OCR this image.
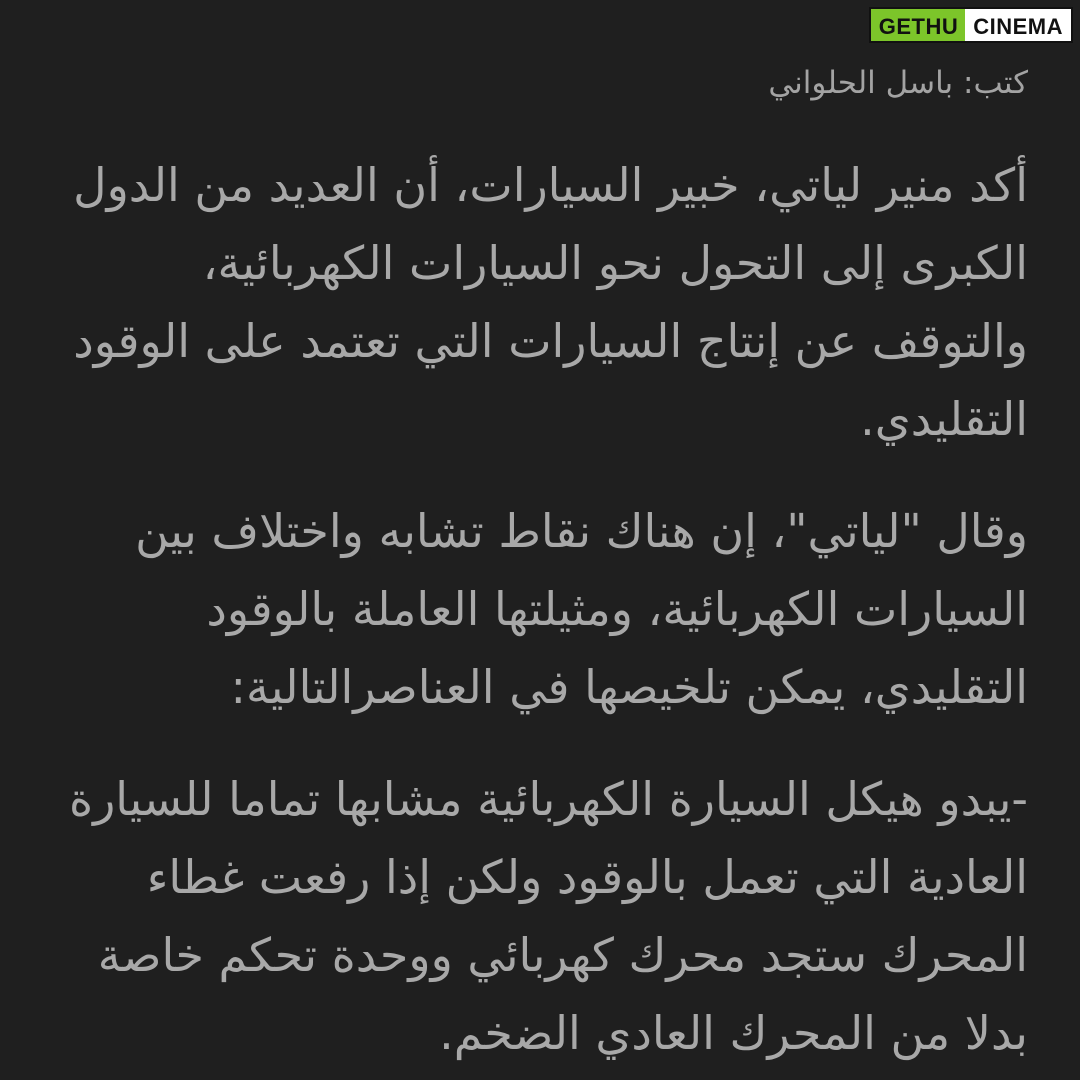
GETHU CINEMA

كتب: باسل الحلواني

أكد منير لياتي، خبير السيارات، أن العديد من الدول الكبرى إلى التحول نحو السيارات الكهربائية، والتوقف عن إنتاج السيارات التي تعتمد على الوقود التقليدي.

وقال "لياتي"، إن هناك نقاط تشابه واختلاف بين السيارات الكهربائية، ومثيلتها العاملة بالوقود التقليدي، يمكن تلخيصها في العناصرالتالية:

-يبدو هيكل السيارة الكهربائية مشابها تماما للسيارة العادية التي تعمل بالوقود ولكن إذا رفعت غطاء المحرك ستجد محرك كهربائي ووحدة تحكم خاصة بدلا من المحرك العادي الضخم.
